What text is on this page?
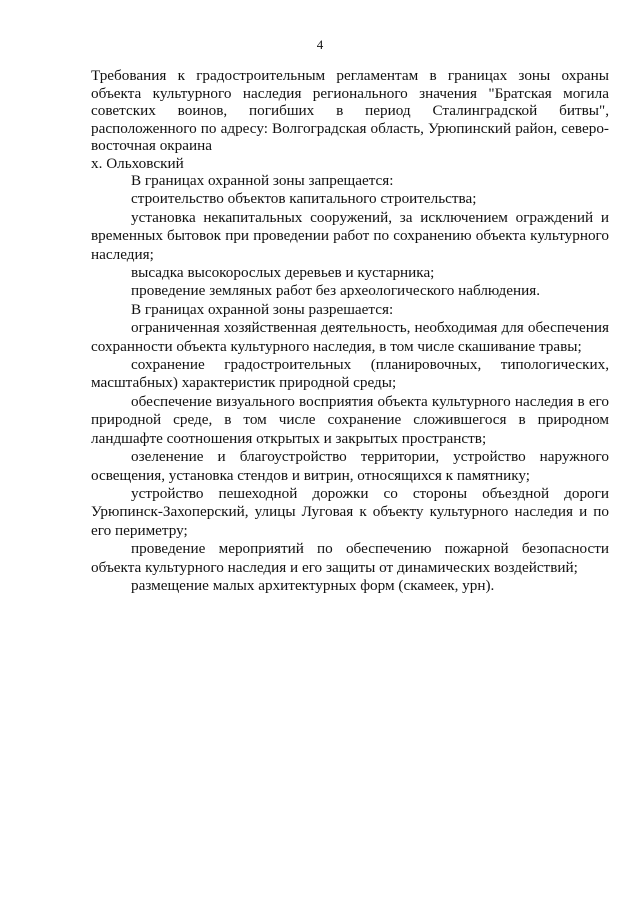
4
Требования к градостроительным регламентам в границах зоны охраны объекта культурного наследия регионального значения "Братская могила советских воинов, погибших в период Сталинградской битвы", расположенного по адресу: Волгоградская область, Урюпинский район, северо-восточная окраина
х. Ольховский

В границах охранной зоны запрещается:

строительство объектов капитального строительства;

установка некапитальных сооружений, за исключением ограждений и временных бытовок при проведении работ по сохранению объекта культурного наследия;

высадка высокорослых деревьев и кустарника;

проведение земляных работ без археологического наблюдения.

В границах охранной зоны разрешается:

ограниченная хозяйственная деятельность, необходимая для обеспечения сохранности объекта культурного наследия, в том числе скашивание травы;

сохранение градостроительных (планировочных, типологических, масштабных) характеристик природной среды;

обеспечение визуального восприятия объекта культурного наследия в его природной среде, в том числе сохранение сложившегося в природном ландшафте соотношения открытых и закрытых пространств;

озеленение и благоустройство территории, устройство наружного освещения, установка стендов и витрин, относящихся к памятнику;

устройство пешеходной дорожки со стороны объездной дороги Урюпинск-Захоперский, улицы Луговая к объекту культурного наследия и по его периметру;

проведение мероприятий по обеспечению пожарной безопасности объекта культурного наследия и его защиты от динамических воздействий;

размещение малых архитектурных форм (скамеек, урн).
